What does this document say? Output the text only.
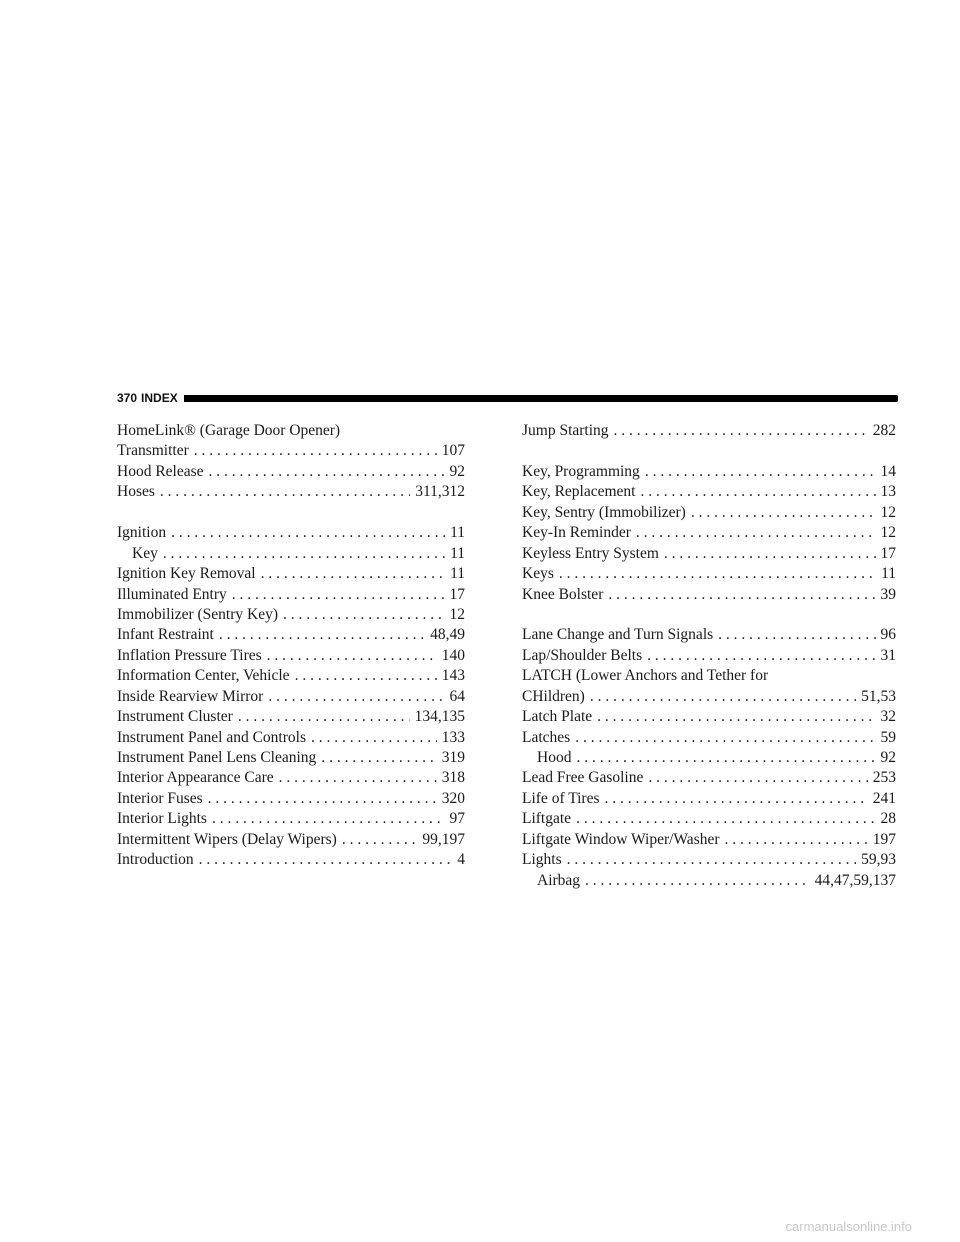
370 INDEX
HomeLink® (Garage Door Opener)
Transmitter . . .	107
Hood Release . . .	92
Hoses . . .	311,312
Ignition . . .	11
Key . . .	11
Ignition Key Removal . . .	11
Illuminated Entry . . .	17
Immobilizer (Sentry Key) . . .	12
Infant Restraint . . .	48,49
Inflation Pressure Tires . . .	140
Information Center, Vehicle . . .	143
Inside Rearview Mirror . . .	64
Instrument Cluster . . .	134,135
Instrument Panel and Controls . . .	133
Instrument Panel Lens Cleaning . . .	319
Interior Appearance Care . . .	318
Interior Fuses . . .	320
Interior Lights . . .	97
Intermittent Wipers (Delay Wipers) . . .	99,197
Introduction . . .	4
Jump Starting . . .	282
Key, Programming . . .	14
Key, Replacement . . .	13
Key, Sentry (Immobilizer) . . .	12
Key-In Reminder . . .	12
Keyless Entry System . . .	17
Keys . . .	11
Knee Bolster . . .	39
Lane Change and Turn Signals . . .	96
Lap/Shoulder Belts . . .	31
LATCH (Lower Anchors and Tether for
CHildren) . . .	51,53
Latch Plate . . .	32
Latches . . .	59
Hood . . .	92
Lead Free Gasoline . . .	253
Life of Tires . . .	241
Liftgate . . .	28
Liftgate Window Wiper/Washer . . .	197
Lights . . .	59,93
Airbag . . .	44,47,59,137
carmanualsonline.info
